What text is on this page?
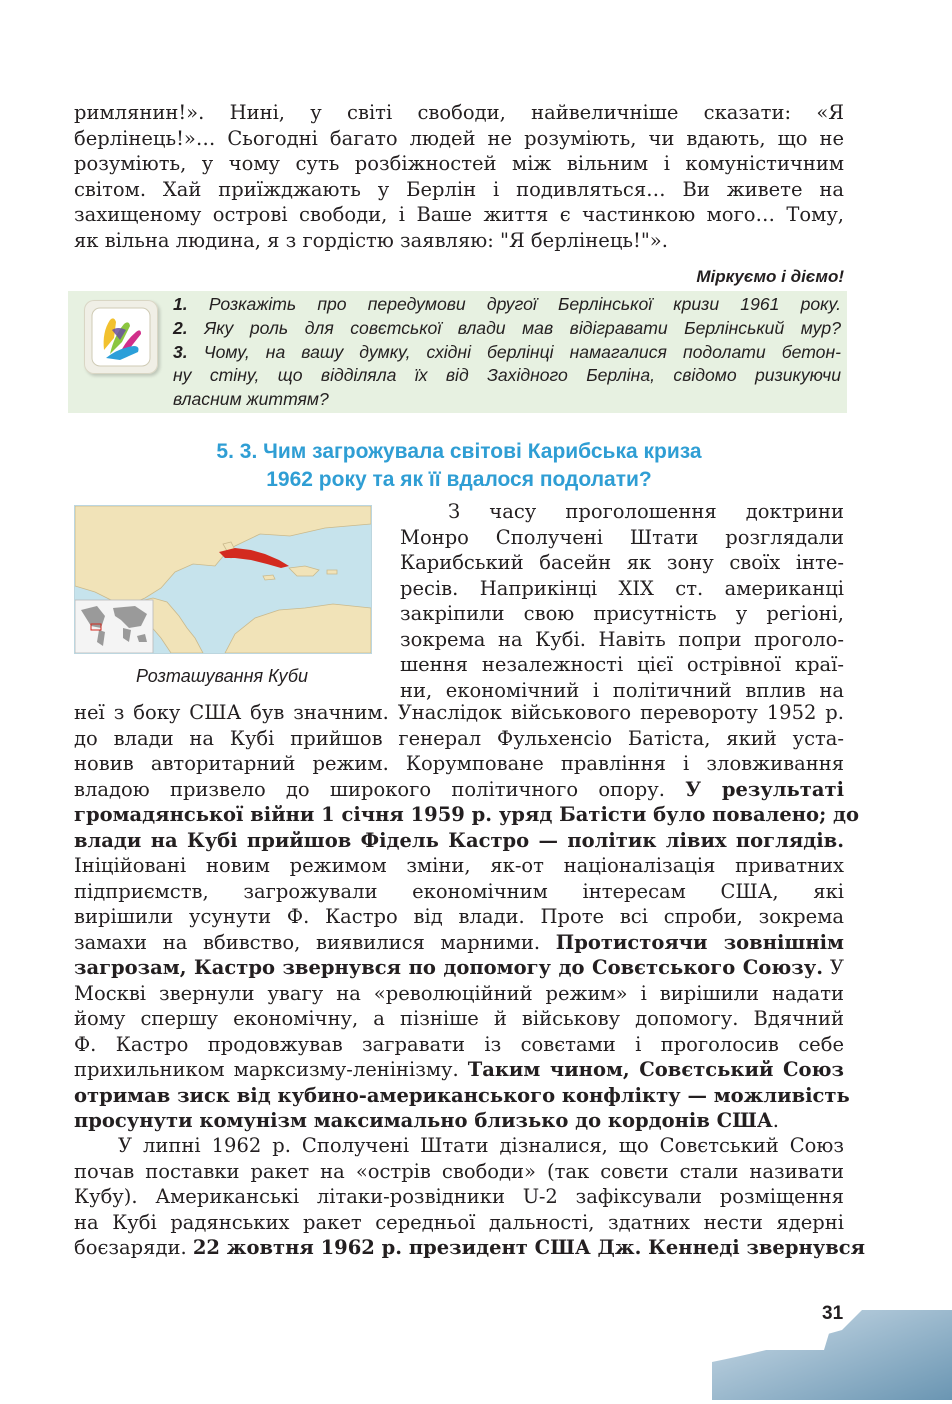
римлянин!». Нині, у світі свободи, найвеличніше сказати: «Я
берлінець!»… Сьогодні багато людей не розуміють, чи вдають, що не
розуміють, у чому суть розбіжностей між вільним і комуністичним
світом. Хай приїжджають у Берлін і подивляться… Ви живете на
захищеному острові свободи, і Ваше життя є частинкою мого… Тому,
як вільна людина, я з гордістю заявляю: "Я берлінець!"».
Міркуємо і діємо!
1. Розкажіть про передумови другої Берлінської кризи 1961 року.
2. Яку роль для совєтської влади мав відігравати Берлінський мур?
3. Чому, на вашу думку, східні берлінці намагалися подолати бетон-
ну стіну, що відділяла їх від Західного Берліна, свідомо ризикуючи
власним життям?
5. 3. Чим загрожувала світові Карибська криза
1962 року та як її вдалося подолати?
Розташування Куби
З часу проголошення доктрини
Монро Сполучені Штати розглядали
Карибський басейн як зону своїх інте-
ресів. Наприкінці XIX ст. американці
закріпили свою присутність у регіоні,
зокрема на Кубі. Навіть попри проголо-
шення незалежності цієї острівної краї-
ни, економічний і політичний вплив на
неї з боку США був значним. Унаслідок військового перевороту 1952 р.
до влади на Кубі прийшов генерал Фульхенсіо Батіста, який уста-
новив авторитарний режим. Корумповане правління і зловживання
владою призвело до широкого політичного опору. У результаті
громадянської війни 1 січня 1959 р. уряд Батісти було повалено; до
влади на Кубі прийшов Фідель Кастро — політик лівих поглядів.
Ініційовані новим режимом зміни, як-от націоналізація приватних
підприємств, загрожували економічним інтересам США, які
вирішили усунути Ф. Кастро від влади. Проте всі спроби, зокрема
замахи на вбивство, виявилися марними. Протистоячи зовнішнім
загрозам, Кастро звернувся по допомогу до Совєтського Союзу. У
Москві звернули увагу на «революційний режим» і вирішили надати
йому спершу економічну, а пізніше й військову допомогу. Вдячний
Ф. Кастро продовжував загравати із совєтами і проголосив себе
прихильником марксизму-ленінізму. Таким чином, Совєтський Союз
отримав зиск від кубино-американського конфлікту — можливість
просунути комунізм максимально близько до кордонів США.
У липні 1962 р. Сполучені Штати дізналися, що Совєтський Союз
почав поставки ракет на «острів свободи» (так совєти стали називати
Кубу). Американські літаки-розвідники U-2 зафіксували розміщення
на Кубі радянських ракет середньої дальності, здатних нести ядерні
боєзаряди. 22 жовтня 1962 р. президент США Дж. Кеннеді звернувся
31
